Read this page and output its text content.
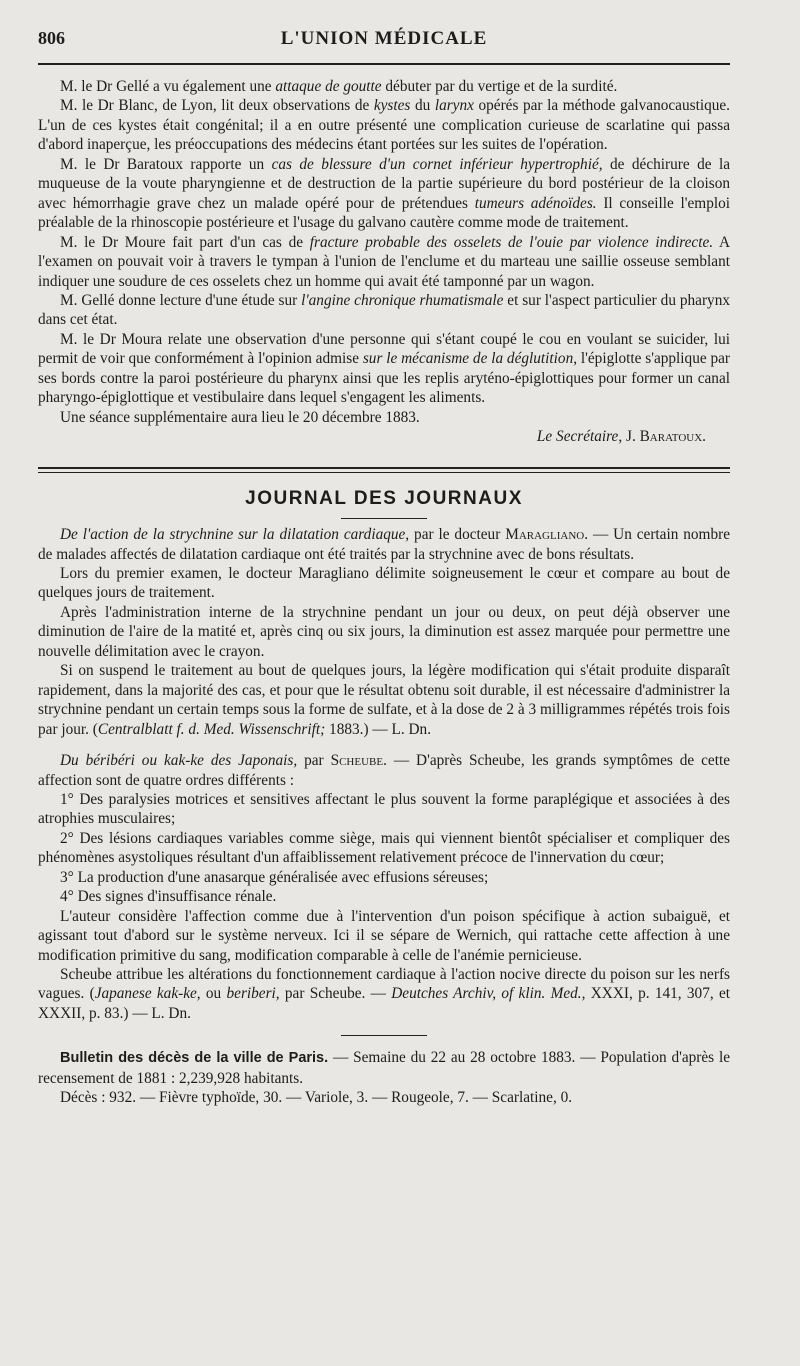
806	L'UNION MÉDICALE

M. le Dr Gellé a vu également une attaque de goutte débuter par du vertige et de la surdité.

M. le Dr Blanc, de Lyon, lit deux observations de kystes du larynx opérés par la méthode galvanocaustique. L'un de ces kystes était congénital; il a en outre présenté une complication curieuse de scarlatine qui passa d'abord inaperçue, les préoccupations des médecins étant portées sur les suites de l'opération.

M. le Dr Baratoux rapporte un cas de blessure d'un cornet inférieur hypertrophié, de déchirure de la muqueuse de la voute pharyngienne et de destruction de la partie supérieure du bord postérieur de la cloison avec hémorrhagie grave chez un malade opéré pour de prétendues tumeurs adénoïdes. Il conseille l'emploi préalable de la rhinoscopie postérieure et l'usage du galvano cautère comme mode de traitement.

M. le Dr Moure fait part d'un cas de fracture probable des osselets de l'ouie par violence indirecte. A l'examen on pouvait voir à travers le tympan à l'union de l'enclume et du marteau une saillie osseuse semblant indiquer une soudure de ces osselets chez un homme qui avait été tamponné par un wagon.

M. Gellé donne lecture d'une étude sur l'angine chronique rhumatismale et sur l'aspect particulier du pharynx dans cet état.

M. le Dr Moura relate une observation d'une personne qui s'étant coupé le cou en voulant se suicider, lui permit de voir que conformément à l'opinion admise sur le mécanisme de la déglutition, l'épiglotte s'applique par ses bords contre la paroi postérieure du pharynx ainsi que les replis aryténo-épiglottiques pour former un canal pharyngo-épiglottique et vestibulaire dans lequel s'engagent les aliments.

Une séance supplémentaire aura lieu le 20 décembre 1883.

Le Secrétaire, J. Baratoux.

JOURNAL DES JOURNAUX

De l'action de la strychnine sur la dilatation cardiaque, par le docteur Maragliano. — Un certain nombre de malades affectés de dilatation cardiaque ont été traités par la strychnine avec de bons résultats.

Lors du premier examen, le docteur Maragliano délimite soigneusement le cœur et compare au bout de quelques jours de traitement.

Après l'administration interne de la strychnine pendant un jour ou deux, on peut déjà observer une diminution de l'aire de la matité et, après cinq ou six jours, la diminution est assez marquée pour permettre une nouvelle délimitation avec le crayon.

Si on suspend le traitement au bout de quelques jours, la légère modification qui s'était produite disparaît rapidement, dans la majorité des cas, et pour que le résultat obtenu soit durable, il est nécessaire d'administrer la strychnine pendant un certain temps sous la forme de sulfate, et à la dose de 2 à 3 milligrammes répétés trois fois par jour. (Centralblatt f. d. Med. Wissenschrift; 1883.) — L. Dn.

Du béribéri ou kak-ke des Japonais, par Scheube. — D'après Scheube, les grands symptômes de cette affection sont de quatre ordres différents :

1° Des paralysies motrices et sensitives affectant le plus souvent la forme paraplégique et associées à des atrophies musculaires;

2° Des lésions cardiaques variables comme siège, mais qui viennent bientôt spécialiser et compliquer des phénomènes asystoliques résultant d'un affaiblissement relativement précoce de l'innervation du cœur;

3° La production d'une anasarque généralisée avec effusions séreuses;

4° Des signes d'insuffisance rénale.

L'auteur considère l'affection comme due à l'intervention d'un poison spécifique à action subaiguë, et agissant tout d'abord sur le système nerveux. Ici il se sépare de Wernich, qui rattache cette affection à une modification primitive du sang, modification comparable à celle de l'anémie pernicieuse.

Scheube attribue les altérations du fonctionnement cardiaque à l'action nocive directe du poison sur les nerfs vagues. (Japanese kak-ke, ou beriberi, par Scheube. — Deutches Archiv, of klin. Med., XXXI, p. 141, 307, et XXXII, p. 83.) — L. Dn.

Bulletin des décès de la ville de Paris. — Semaine du 22 au 28 octobre 1883. — Population d'après le recensement de 1881 : 2,239,928 habitants.

Décès : 932. — Fièvre typhoïde, 30. — Variole, 3. — Rougeole, 7. — Scarlatine, 0.
